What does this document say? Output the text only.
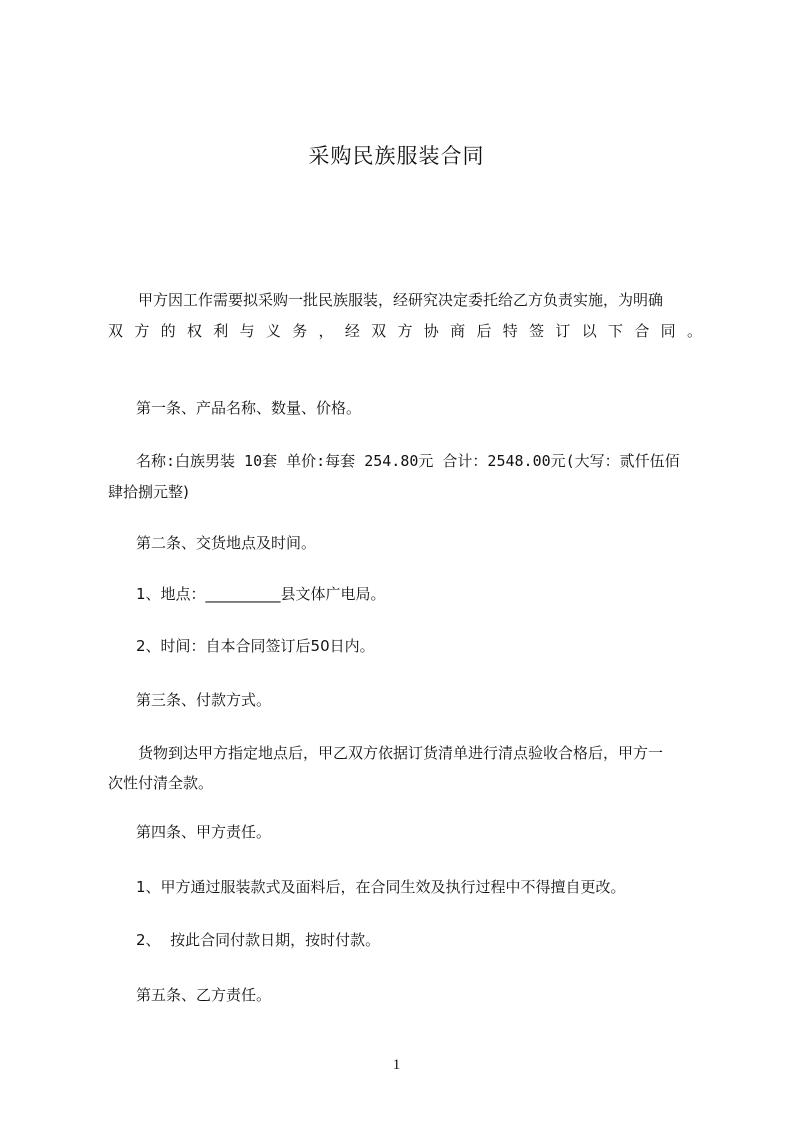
采购民族服装合同
甲方因工作需要拟采购一批民族服装，经研究决定委托给乙方负责实施，为明确
双方的权利与义务，经双方协商后特签订以下合同。
第一条、产品名称、数量、价格。
名称:白族男装 10套 单价:每套 254.80元 合计：2548.00元(大写：贰仟伍佰
肆拾捌元整)
第二条、交货地点及时间。
1、地点：__________县文体广电局。
2、时间：自本合同签订后50日内。
第三条、付款方式。
货物到达甲方指定地点后，甲乙双方依据订货清单进行清点验收合格后，甲方一
次性付清全款。
第四条、甲方责任。
1、甲方通过服装款式及面料后，在合同生效及执行过程中不得擅自更改。
2、  按此合同付款日期，按时付款。
第五条、乙方责任。
1
